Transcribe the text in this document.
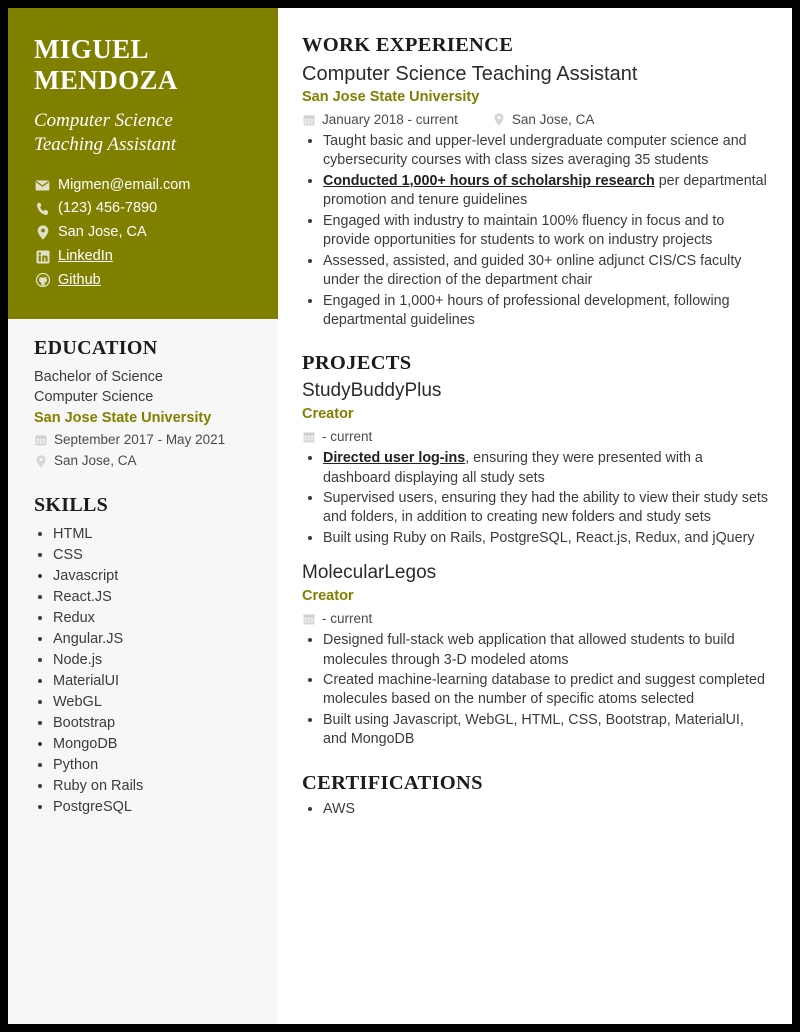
MIGUEL
MENDOZA
Computer Science
Teaching Assistant
Migmen@email.com
(123) 456-7890
San Jose, CA
LinkedIn
Github
EDUCATION
Bachelor of Science
Computer Science
San Jose State University
September 2017 - May 2021
San Jose, CA
SKILLS
• HTML
• CSS
• Javascript
• React.JS
• Redux
• Angular.JS
• Node.js
• MaterialUI
• WebGL
• Bootstrap
• MongoDB
• Python
• Ruby on Rails
• PostgreSQL
WORK EXPERIENCE
Computer Science Teaching Assistant
San Jose State University
January 2018 - current	San Jose, CA
• Taught basic and upper-level undergraduate computer science and cybersecurity courses with class sizes averaging 35 students
• Conducted 1,000+ hours of scholarship research per departmental promotion and tenure guidelines
• Engaged with industry to maintain 100% fluency in focus and to provide opportunities for students to work on industry projects
• Assessed, assisted, and guided 30+ online adjunct CIS/CS faculty under the direction of the department chair
• Engaged in 1,000+ hours of professional development, following departmental guidelines
PROJECTS
StudyBuddyPlus
Creator
- current
• Directed user log-ins, ensuring they were presented with a dashboard displaying all study sets
• Supervised users, ensuring they had the ability to view their study sets and folders, in addition to creating new folders and study sets
• Built using Ruby on Rails, PostgreSQL, React.js, Redux, and jQuery
MolecularLegos
Creator
- current
• Designed full-stack web application that allowed students to build molecules through 3-D modeled atoms
• Created machine-learning database to predict and suggest completed molecules based on the number of specific atoms selected
• Built using Javascript, WebGL, HTML, CSS, Bootstrap, MaterialUI, and MongoDB
CERTIFICATIONS
• AWS
